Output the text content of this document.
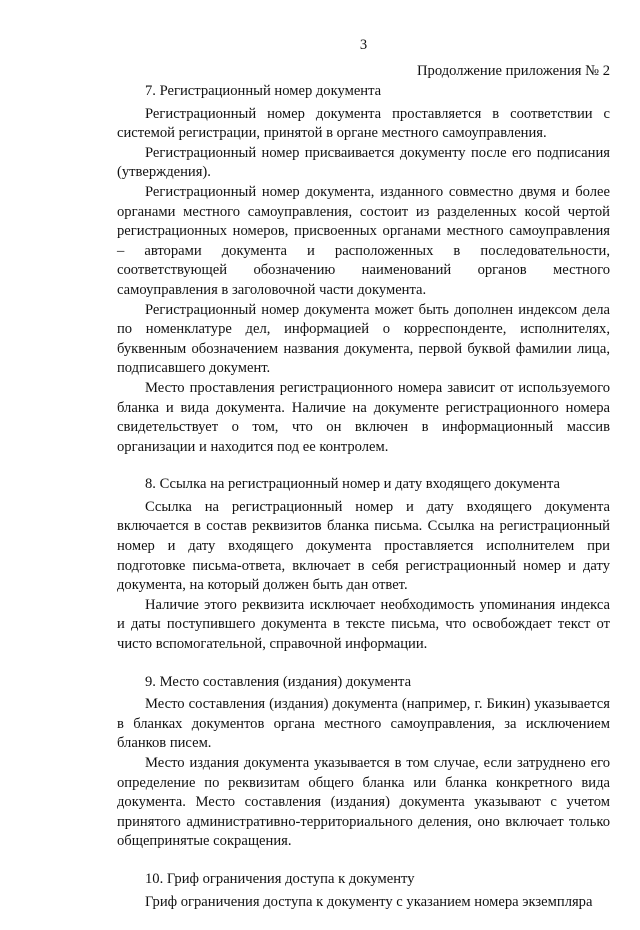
3
Продолжение приложения № 2

7. Регистрационный номер документа

Регистрационный номер документа проставляется в соответствии с системой регистрации, принятой в органе местного самоуправления.

Регистрационный номер присваивается документу после его подписания (утверждения).

Регистрационный номер документа, изданного совместно двумя и более органами местного самоуправления, состоит из разделенных косой чертой регистрационных номеров, присвоенных органами местного самоуправления – авторами документа и расположенных в последовательности, соответствующей обозначению наименований органов местного самоуправления в заголовочной части документа.

Регистрационный номер документа может быть дополнен индексом дела по номенклатуре дел, информацией о корреспонденте, исполнителях, буквенным обозначением названия документа, первой буквой фамилии лица, подписавшего документ.

Место проставления регистрационного номера зависит от используемого бланка и вида документа. Наличие на документе регистрационного номера свидетельствует о том, что он включен в информационный массив организации и находится под ее контролем.

8. Ссылка на регистрационный номер и дату входящего документа

Ссылка на регистрационный номер и дату входящего документа включается в состав реквизитов бланка письма. Ссылка на регистрационный номер и дату входящего документа проставляется исполнителем при подготовке письма-ответа, включает в себя регистрационный номер и дату документа, на который должен быть дан ответ.

Наличие этого реквизита исключает необходимость упоминания индекса и даты поступившего документа в тексте письма, что освобождает текст от чисто вспомогательной, справочной информации.

9. Место составления (издания) документа

Место составления (издания) документа (например, г. Бикин) указывается в бланках документов органа местного самоуправления, за исключением бланков писем.

Место издания документа указывается в том случае, если затруднено его определение по реквизитам общего бланка или бланка конкретного вида документа. Место составления (издания) документа указывают с учетом принятого административно-территориального деления, оно включает только общепринятые сокращения.

10. Гриф ограничения доступа к документу

Гриф ограничения доступа к документу с указанием номера экземпляра
